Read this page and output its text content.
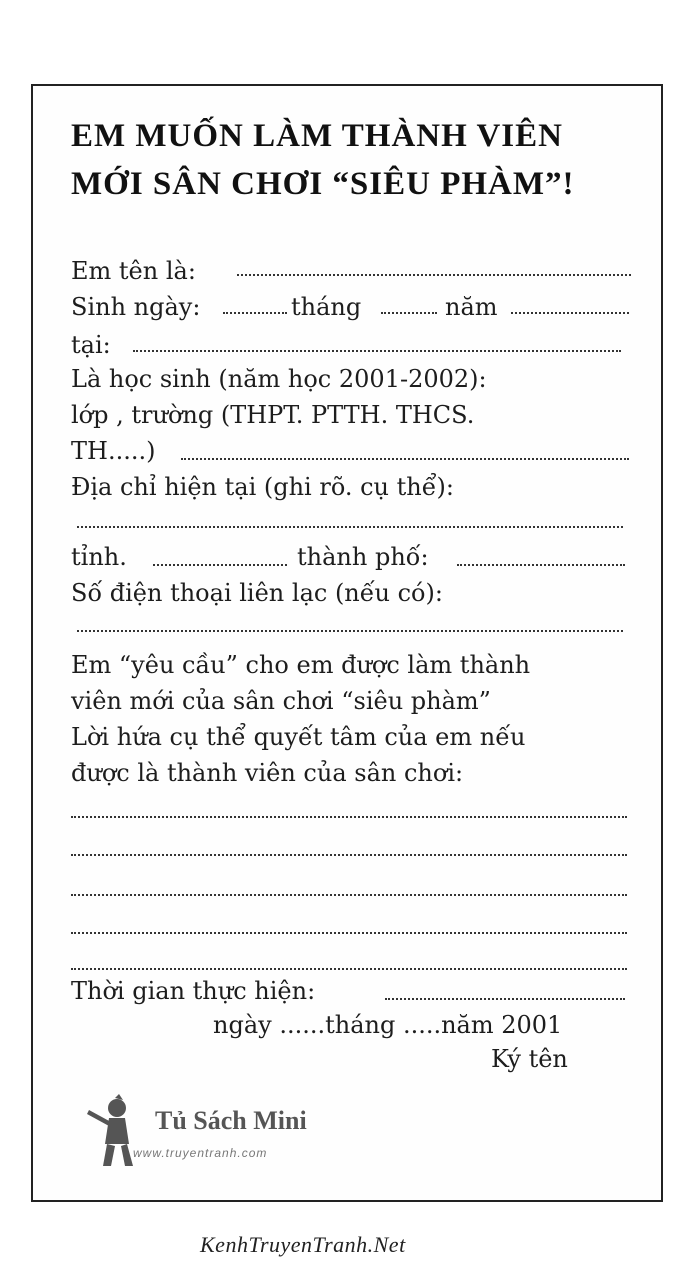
EM MUỐN LÀM THÀNH VIÊN
MỚI SÂN CHƠI “SIÊU PHÀM”!
Em tên là:
Sinh ngày:	tháng	năm
tại:
Là học sinh (năm học 2001-2002):
lớp , trường (THPT. PTTH. THCS.
TH.....)
Địa chỉ hiện tại (ghi rõ. cụ thể):
tỉnh.	thành phố:
Số điện thoại liên lạc (nếu có):
Em “yêu cầu” cho em được làm thành
viên mới của sân chơi “siêu phàm”
Lời hứa cụ thể quyết tâm của em nếu
được là thành viên của sân chơi:
Thời gian thực hiện:
ngày ......tháng .....năm 2001
Ký tên
Tủ Sách Mini
www.truyentranh.com
KenhTruyenTranh.Net
